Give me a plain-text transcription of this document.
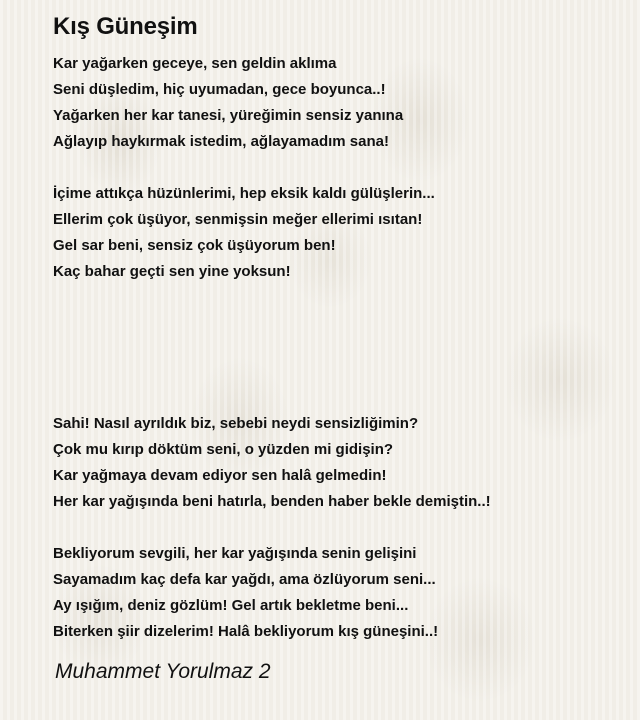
Kış Güneşim
Kar yağarken geceye, sen geldin aklıma
Seni düşledim, hiç uyumadan, gece boyunca..!
Yağarken her kar tanesi, yüreğimin sensiz yanına
Ağlayıp haykırmak istedim, ağlayamadım sana!
İçime attıkça hüzünlerimi, hep eksik kaldı gülüşlerin...
Ellerim çok üşüyor, senmişsin meğer ellerimi ısıtan!
Gel sar beni, sensiz çok üşüyorum ben!
Kaç bahar geçti sen yine yoksun!
Sahi! Nasıl ayrıldık biz, sebebi neydi sensizliğimin?
Çok mu kırıp döktüm seni, o yüzden mi gidişin?
Kar yağmaya devam ediyor sen halâ gelmedin!
Her kar yağışında beni hatırla, benden haber bekle demiştin..!
Bekliyorum sevgili, her kar yağışında senin gelişini
Sayamadım kaç defa kar yağdı, ama özlüyorum seni...
Ay ışığım, deniz gözlüm! Gel artık bekletme beni...
Biterken şiir dizelerim! Halâ bekliyorum kış güneşini..!
Muhammet Yorulmaz 2
